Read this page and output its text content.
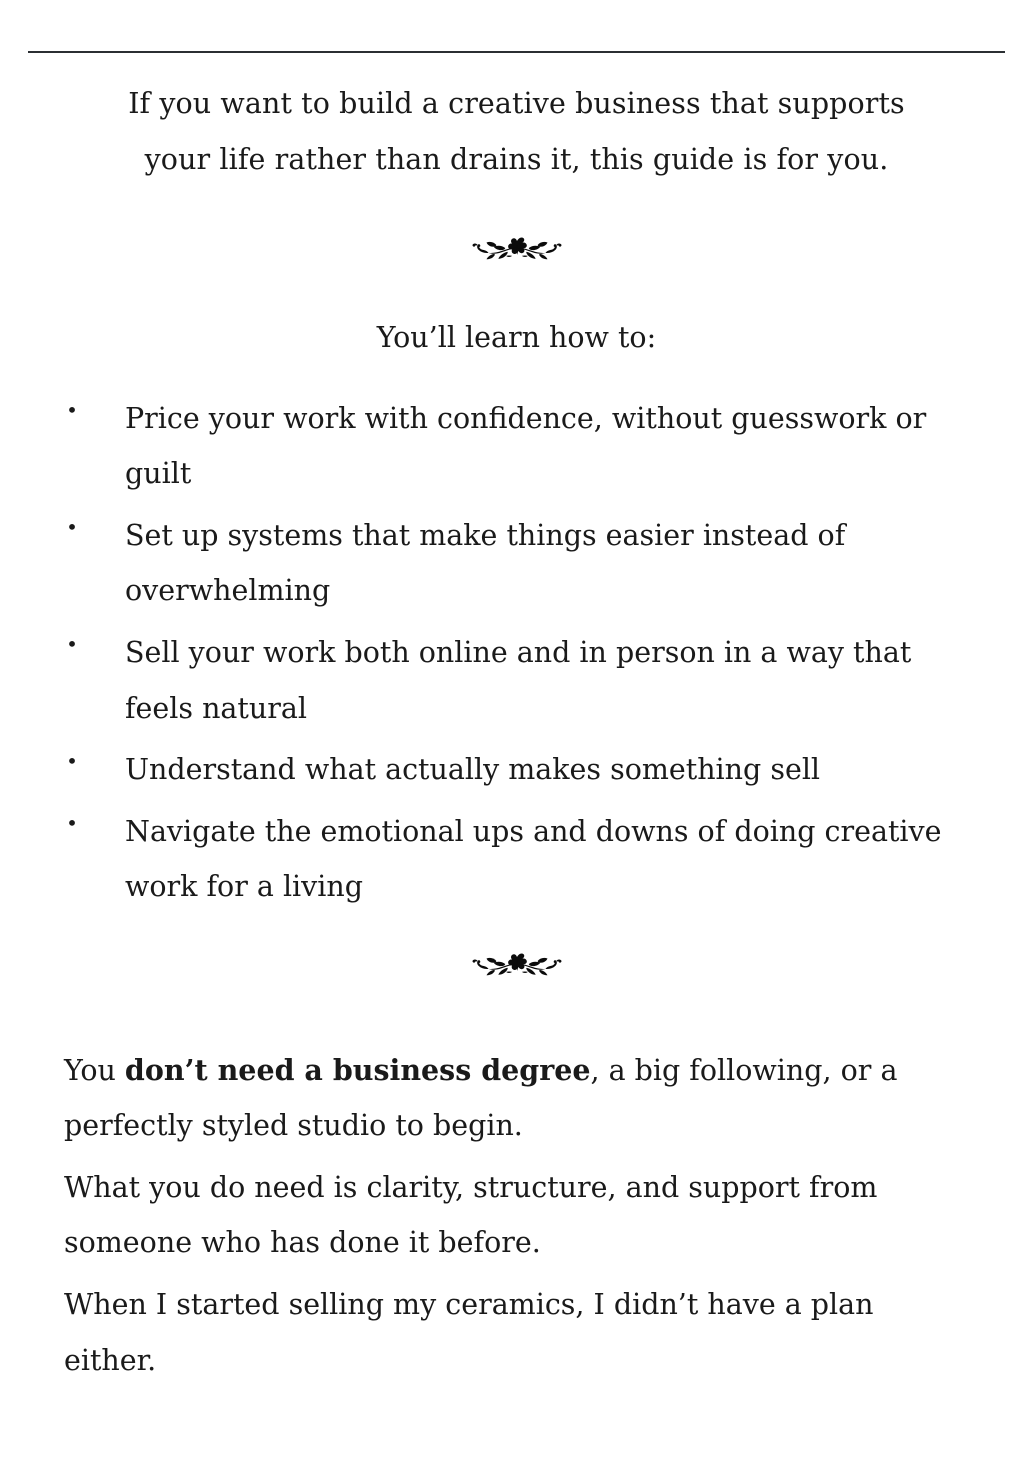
If you want to build a creative business that supports your life rather than drains it, this guide is for you.

You’ll learn how to:

• Price your work with confidence, without guesswork or guilt
• Set up systems that make things easier instead of overwhelming
• Sell your work both online and in person in a way that feels natural
• Understand what actually makes something sell
• Navigate the emotional ups and downs of doing creative work for a living

You don’t need a business degree, a big following, or a perfectly styled studio to begin.

What you do need is clarity, structure, and support from someone who has done it before.

When I started selling my ceramics, I didn’t have a plan either.
